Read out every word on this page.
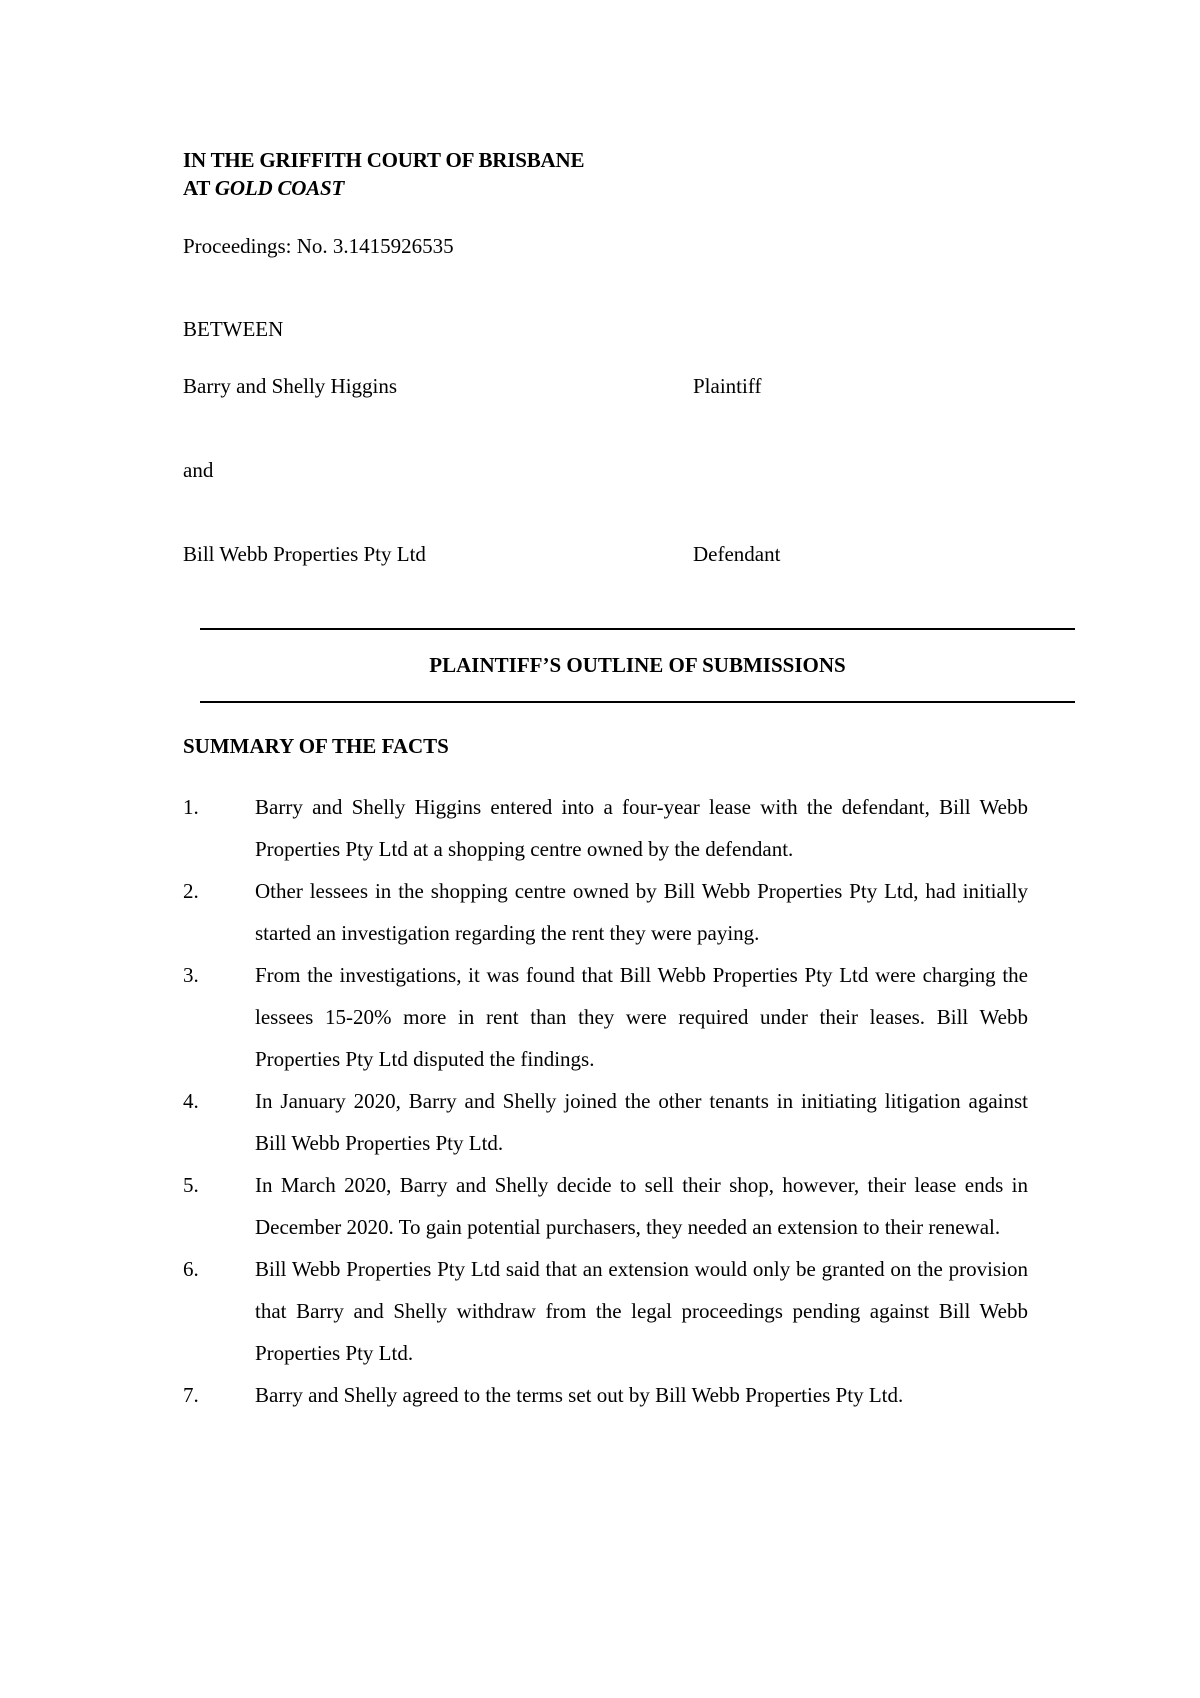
IN THE GRIFFITH COURT OF BRISBANE
AT GOLD COAST
Proceedings: No. 3.1415926535
BETWEEN
Barry and Shelly Higgins	Plaintiff
and
Bill Webb Properties Pty Ltd	Defendant
PLAINTIFF’S OUTLINE OF SUBMISSIONS
SUMMARY OF THE FACTS
1.	Barry and Shelly Higgins entered into a four-year lease with the defendant, Bill Webb Properties Pty Ltd at a shopping centre owned by the defendant.
2.	Other lessees in the shopping centre owned by Bill Webb Properties Pty Ltd, had initially started an investigation regarding the rent they were paying.
3.	From the investigations, it was found that Bill Webb Properties Pty Ltd were charging the lessees 15-20% more in rent than they were required under their leases. Bill Webb Properties Pty Ltd disputed the findings.
4.	In January 2020, Barry and Shelly joined the other tenants in initiating litigation against Bill Webb Properties Pty Ltd.
5.	In March 2020, Barry and Shelly decide to sell their shop, however, their lease ends in December 2020. To gain potential purchasers, they needed an extension to their renewal.
6.	Bill Webb Properties Pty Ltd said that an extension would only be granted on the provision that Barry and Shelly withdraw from the legal proceedings pending against Bill Webb Properties Pty Ltd.
7.	Barry and Shelly agreed to the terms set out by Bill Webb Properties Pty Ltd.
